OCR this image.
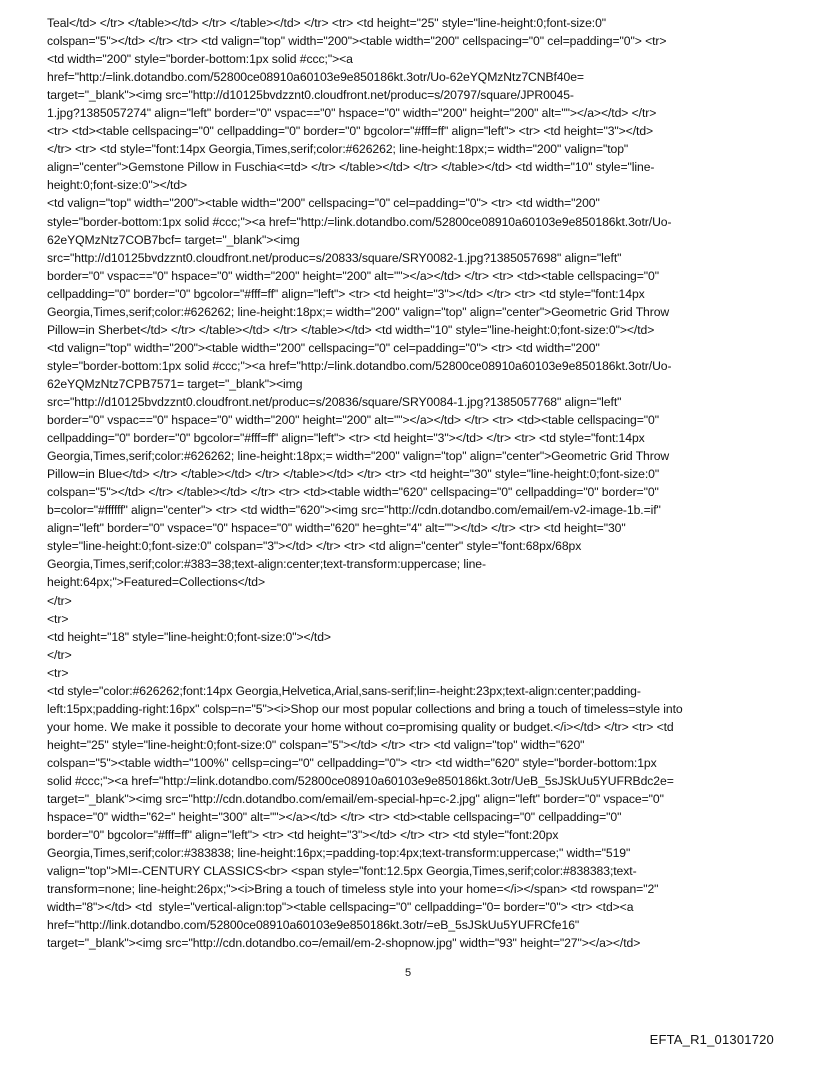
Teal</td> </tr> </table></td> </tr> </table></td> </tr> <tr> <td height="25" style="line-height:0;font-size:0"
colspan="5"></td> </tr> <tr> <td valign="top" width="200"><table width="200" cellspacing="0" cel=padding="0"> <tr>
<td width="200" style="border-bottom:1px solid #ccc;"><a
href="http:/=link.dotandbo.com/52800ce08910a60103e9e850186kt.3otr/Uo-62eYQMzNtz7CNBf40e=
target="_blank"><img src="http://d10125bvdzznt0.cloudfront.net/produc=s/20797/square/JPR0045-
1.jpg?1385057274" align="left" border="0" vspac=="0" hspace="0" width="200" height="200" alt=""></a></td> </tr>
<tr> <td><table cellspacing="0" cellpadding="0" border="0" bgcolor="#fff=ff" align="left"> <tr> <td height="3"></td>
</tr> <tr> <td style="font:14px Georgia,Times,serif;color:#626262; line-height:18px;= width="200" valign="top"
align="center">Gemstone Pillow in Fuschia<=td> </tr> </table></td> </tr> </table></td> <td width="10" style="line-
height:0;font-size:0"></td>
<td valign="top" width="200"><table width="200" cellspacing="0" cel=padding="0"> <tr> <td width="200"
style="border-bottom:1px solid #ccc;"><a href="http:/=link.dotandbo.com/52800ce08910a60103e9e850186kt.3otr/Uo-
62eYQMzNtz7COB7bcf= target="_blank"><img
src="http://d10125bvdzznt0.cloudfront.net/produc=s/20833/square/SRY0082-1.jpg?1385057698" align="left"
border="0" vspac=="0" hspace="0" width="200" height="200" alt=""></a></td> </tr> <tr> <td><table cellspacing="0"
cellpadding="0" border="0" bgcolor="#fff=ff" align="left"> <tr> <td height="3"></td> </tr> <tr> <td style="font:14px
Georgia,Times,serif;color:#626262; line-height:18px;= width="200" valign="top" align="center">Geometric Grid Throw
Pillow=in Sherbet</td> </tr> </table></td> </tr> </table></td> <td width="10" style="line-height:0;font-size:0"></td>
<td valign="top" width="200"><table width="200" cellspacing="0" cel=padding="0"> <tr> <td width="200"
style="border-bottom:1px solid #ccc;"><a href="http:/=link.dotandbo.com/52800ce08910a60103e9e850186kt.3otr/Uo-
62eYQMzNtz7CPB7571= target="_blank"><img
src="http://d10125bvdzznt0.cloudfront.net/produc=s/20836/square/SRY0084-1.jpg?1385057768" align="left"
border="0" vspac=="0" hspace="0" width="200" height="200" alt=""></a></td> </tr> <tr> <td><table cellspacing="0"
cellpadding="0" border="0" bgcolor="#fff=ff" align="left"> <tr> <td height="3"></td> </tr> <tr> <td style="font:14px
Georgia,Times,serif;color:#626262; line-height:18px;= width="200" valign="top" align="center">Geometric Grid Throw
Pillow=in Blue</td> </tr> </table></td> </tr> </table></td> </tr> <tr> <td height="30" style="line-height:0;font-size:0"
colspan="5"></td> </tr> </table></td> </tr> <tr> <td><table width="620" cellspacing="0" cellpadding="0" border="0"
b=color="#ffffff" align="center"> <tr> <td width="620"><img src="http://cdn.dotandbo.com/email/em-v2-image-1b.=if"
align="left" border="0" vspace="0" hspace="0" width="620" he=ght="4" alt=""></td> </tr> <tr> <td height="30"
style="line-height:0;font-size:0" colspan="3"></td> </tr> <tr> <td align="center" style="font:68px/68px
Georgia,Times,serif;color:#383=38;text-align:center;text-transform:uppercase; line-
height:64px;">Featured=Collections</td>
</tr>
<tr>
<td height="18" style="line-height:0;font-size:0"></td>
</tr>
<tr>
<td style="color:#626262;font:14px Georgia,Helvetica,Arial,sans-serif;lin=-height:23px;text-align:center;padding-
left:15px;padding-right:16px" colsp=n="5"><i>Shop our most popular collections and bring a touch of timeless=style into
your home. We make it possible to decorate your home without co=promising quality or budget.</i></td> </tr> <tr> <td
height="25" style="line-height:0;font-size:0" colspan="5"></td> </tr> <tr> <td valign="top" width="620"
colspan="5"><table width="100%" cellsp=cing="0" cellpadding="0"> <tr> <td width="620" style="border-bottom:1px
solid #ccc;"><a href="http:/=link.dotandbo.com/52800ce08910a60103e9e850186kt.3otr/UeB_5sJSkUu5YUFRBdc2e=
target="_blank"><img src="http://cdn.dotandbo.com/email/em-special-hp=c-2.jpg" align="left" border="0" vspace="0"
hspace="0" width="62=" height="300" alt=""></a></td> </tr> <tr> <td><table cellspacing="0" cellpadding="0"
border="0" bgcolor="#fff=ff" align="left"> <tr> <td height="3"></td> </tr> <tr> <td style="font:20px
Georgia,Times,serif;color:#383838; line-height:16px;=padding-top:4px;text-transform:uppercase;" width="519"
valign="top">MI=-CENTURY CLASSICS<br> <span style="font:12.5px Georgia,Times,serif;color:#838383;text-
transform=none; line-height:26px;"><i>Bring a touch of timeless style into your home=</i></span> <td rowspan="2"
width="8"></td> <td  style="vertical-align:top"><table cellspacing="0" cellpadding="0= border="0"> <tr> <td><a
href="http://link.dotandbo.com/52800ce08910a60103e9e850186kt.3otr/=eB_5sJSkUu5YUFRCfe16"
target="_blank"><img src="http://cdn.dotandbo.co=/email/em-2-shopnow.jpg" width="93" height="27"></a></td>
5
EFTA_R1_01301720
